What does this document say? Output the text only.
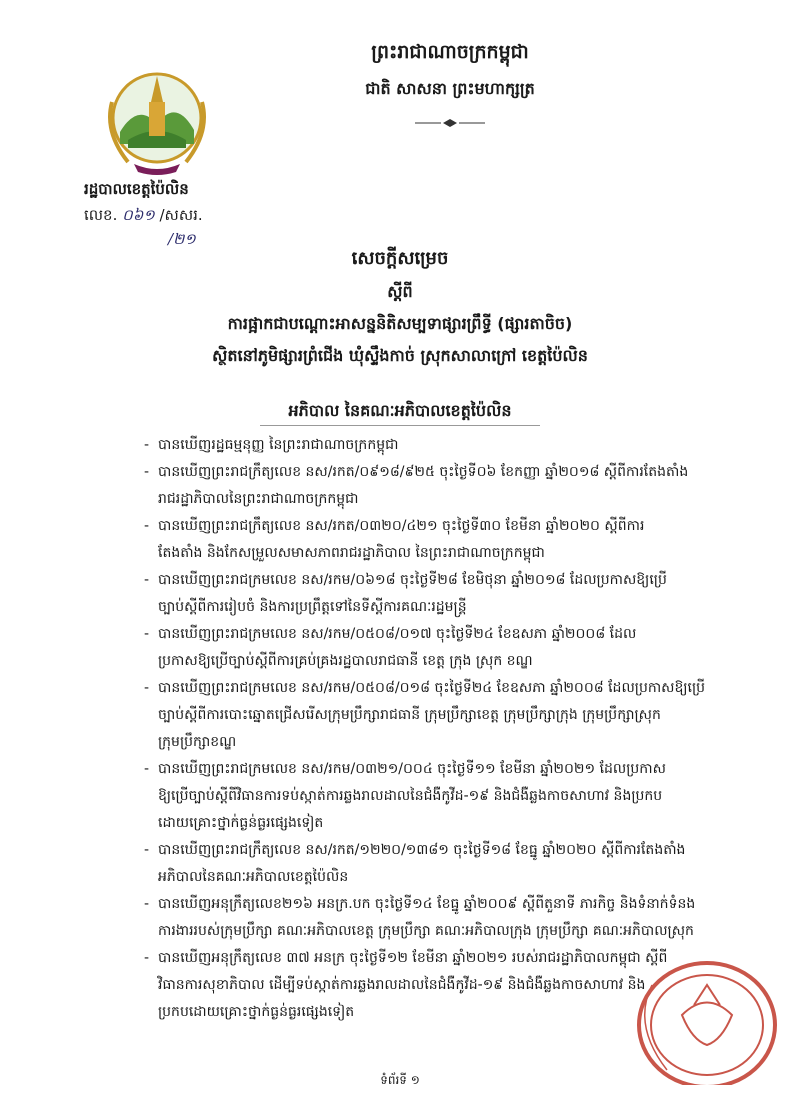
ព្រះរាជាណាចក្រកម្ពុជា

ជាតិ សាសនា ព្រះមហាក្សត្រ

រដ្ឋបាលខេត្តប៉ៃលិន
លេខ. ០៦១ /សសរ.
/២១

សេចក្តីសម្រេច

ស្តីពី

ការផ្អាកជាបណ្តោះអាសន្ននិតិសម្បទាផ្សារព្រឹទ្ធី (ផ្សារតាចិច)

ស្ថិតនៅភូមិផ្សារព្រំជើង ឃុំស្ទឹងកាច់ ស្រុកសាលាក្រៅ ខេត្តប៉ៃលិន

អភិបាល នៃគណៈអភិបាលខេត្តប៉ៃលិន
- បានឃើញរដ្ឋធម្មនុញ្ញ នៃព្រះរាជាណាចក្រកម្ពុជា
- បានឃើញព្រះរាជក្រឹត្យលេខ នស/រកត/០៩១៨/៩២៥ ចុះថ្ងៃទី០៦ ខែកញ្ញា ឆ្នាំ២០១៨ ស្តីពីការតែងតាំង
រាជរដ្ឋាភិបាលនៃព្រះរាជាណាចក្រកម្ពុជា
- បានឃើញព្រះរាជក្រឹត្យលេខ នស/រកត/០៣២០/៤២១ ចុះថ្ងៃទី៣០ ខែមីនា ឆ្នាំ២០២០ ស្តីពីការ
តែងតាំង និងកែសម្រួលសមាសភាពរាជរដ្ឋាភិបាល នៃព្រះរាជាណាចក្រកម្ពុជា
- បានឃើញព្រះរាជក្រមលេខ នស/រកម/០៦១៨ ចុះថ្ងៃទី២៨ ខែមិថុនា ឆ្នាំ២០១៨ ដែលប្រកាសឱ្យប្រើ
ច្បាប់ស្តីពីការរៀបចំ និងការប្រព្រឹត្តទៅនៃទីស្តីការគណៈរដ្ឋមន្ត្រី
- បានឃើញព្រះរាជក្រមលេខ នស/រកម/០៥០៨/០១៧ ចុះថ្ងៃទី២៤ ខែឧសភា ឆ្នាំ២០០៨ ដែល
ប្រកាសឱ្យប្រើច្បាប់ស្តីពីការគ្រប់គ្រងរដ្ឋបាលរាជធានី ខេត្ត ក្រុង ស្រុក ខណ្ឌ
- បានឃើញព្រះរាជក្រមលេខ នស/រកម/០៥០៨/០១៨ ចុះថ្ងៃទី២៤ ខែឧសភា ឆ្នាំ២០០៨ ដែលប្រកាសឱ្យប្រើ
ច្បាប់ស្តីពីការបោះឆ្នោតជ្រើសរើសក្រុមប្រឹក្សារាជធានី ក្រុមប្រឹក្សាខេត្ត ក្រុមប្រឹក្សាក្រុង ក្រុមប្រឹក្សាស្រុក
ក្រុមប្រឹក្សាខណ្ឌ
- បានឃើញព្រះរាជក្រមលេខ នស/រកម/០៣២១/០០៤ ចុះថ្ងៃទី១១ ខែមីនា ឆ្នាំ២០២១ ដែលប្រកាស
ឱ្យប្រើច្បាប់ស្តីពីវិធានការទប់ស្កាត់ការឆ្លងរាលដាលនៃជំងឺកូវីដ-១៩ និងជំងឺឆ្លងកាចសាហាវ និងប្រកប
ដោយគ្រោះថ្នាក់ធ្ងន់ធ្ងរផ្សេងទៀត
- បានឃើញព្រះរាជក្រឹត្យលេខ នស/រកត/១២២០/១៣៨១ ចុះថ្ងៃទី១៨ ខែធ្នូ ឆ្នាំ២០២០ ស្តីពីការតែងតាំង
អភិបាលនៃគណៈអភិបាលខេត្តប៉ៃលិន
- បានឃើញអនុក្រឹត្យលេខ២១៦ អនក្រ.បក ចុះថ្ងៃទី១៤ ខែធ្នូ ឆ្នាំ២០០៩ ស្តីពីតួនាទី ភារកិច្ច និងទំនាក់ទំនង
ការងាររបស់ក្រុមប្រឹក្សា គណៈអភិបាលខេត្ត ក្រុមប្រឹក្សា គណៈអភិបាលក្រុង ក្រុមប្រឹក្សា គណៈអភិបាលស្រុក
- បានឃើញអនុក្រឹត្យលេខ ៣៧ អនក្រ ចុះថ្ងៃទី១២ ខែមីនា ឆ្នាំ២០២១ របស់រាជរដ្ឋាភិបាលកម្ពុជា ស្តីពី
វិធានការសុខាភិបាល ដើម្បីទប់ស្កាត់ការឆ្លងរាលដាលនៃជំងឺកូវីដ-១៩ និងជំងឺឆ្លងកាចសាហាវ និង
ប្រកបដោយគ្រោះថ្នាក់ធ្ងន់ធ្ងរផ្សេងទៀត
ទំព័រទី ១
